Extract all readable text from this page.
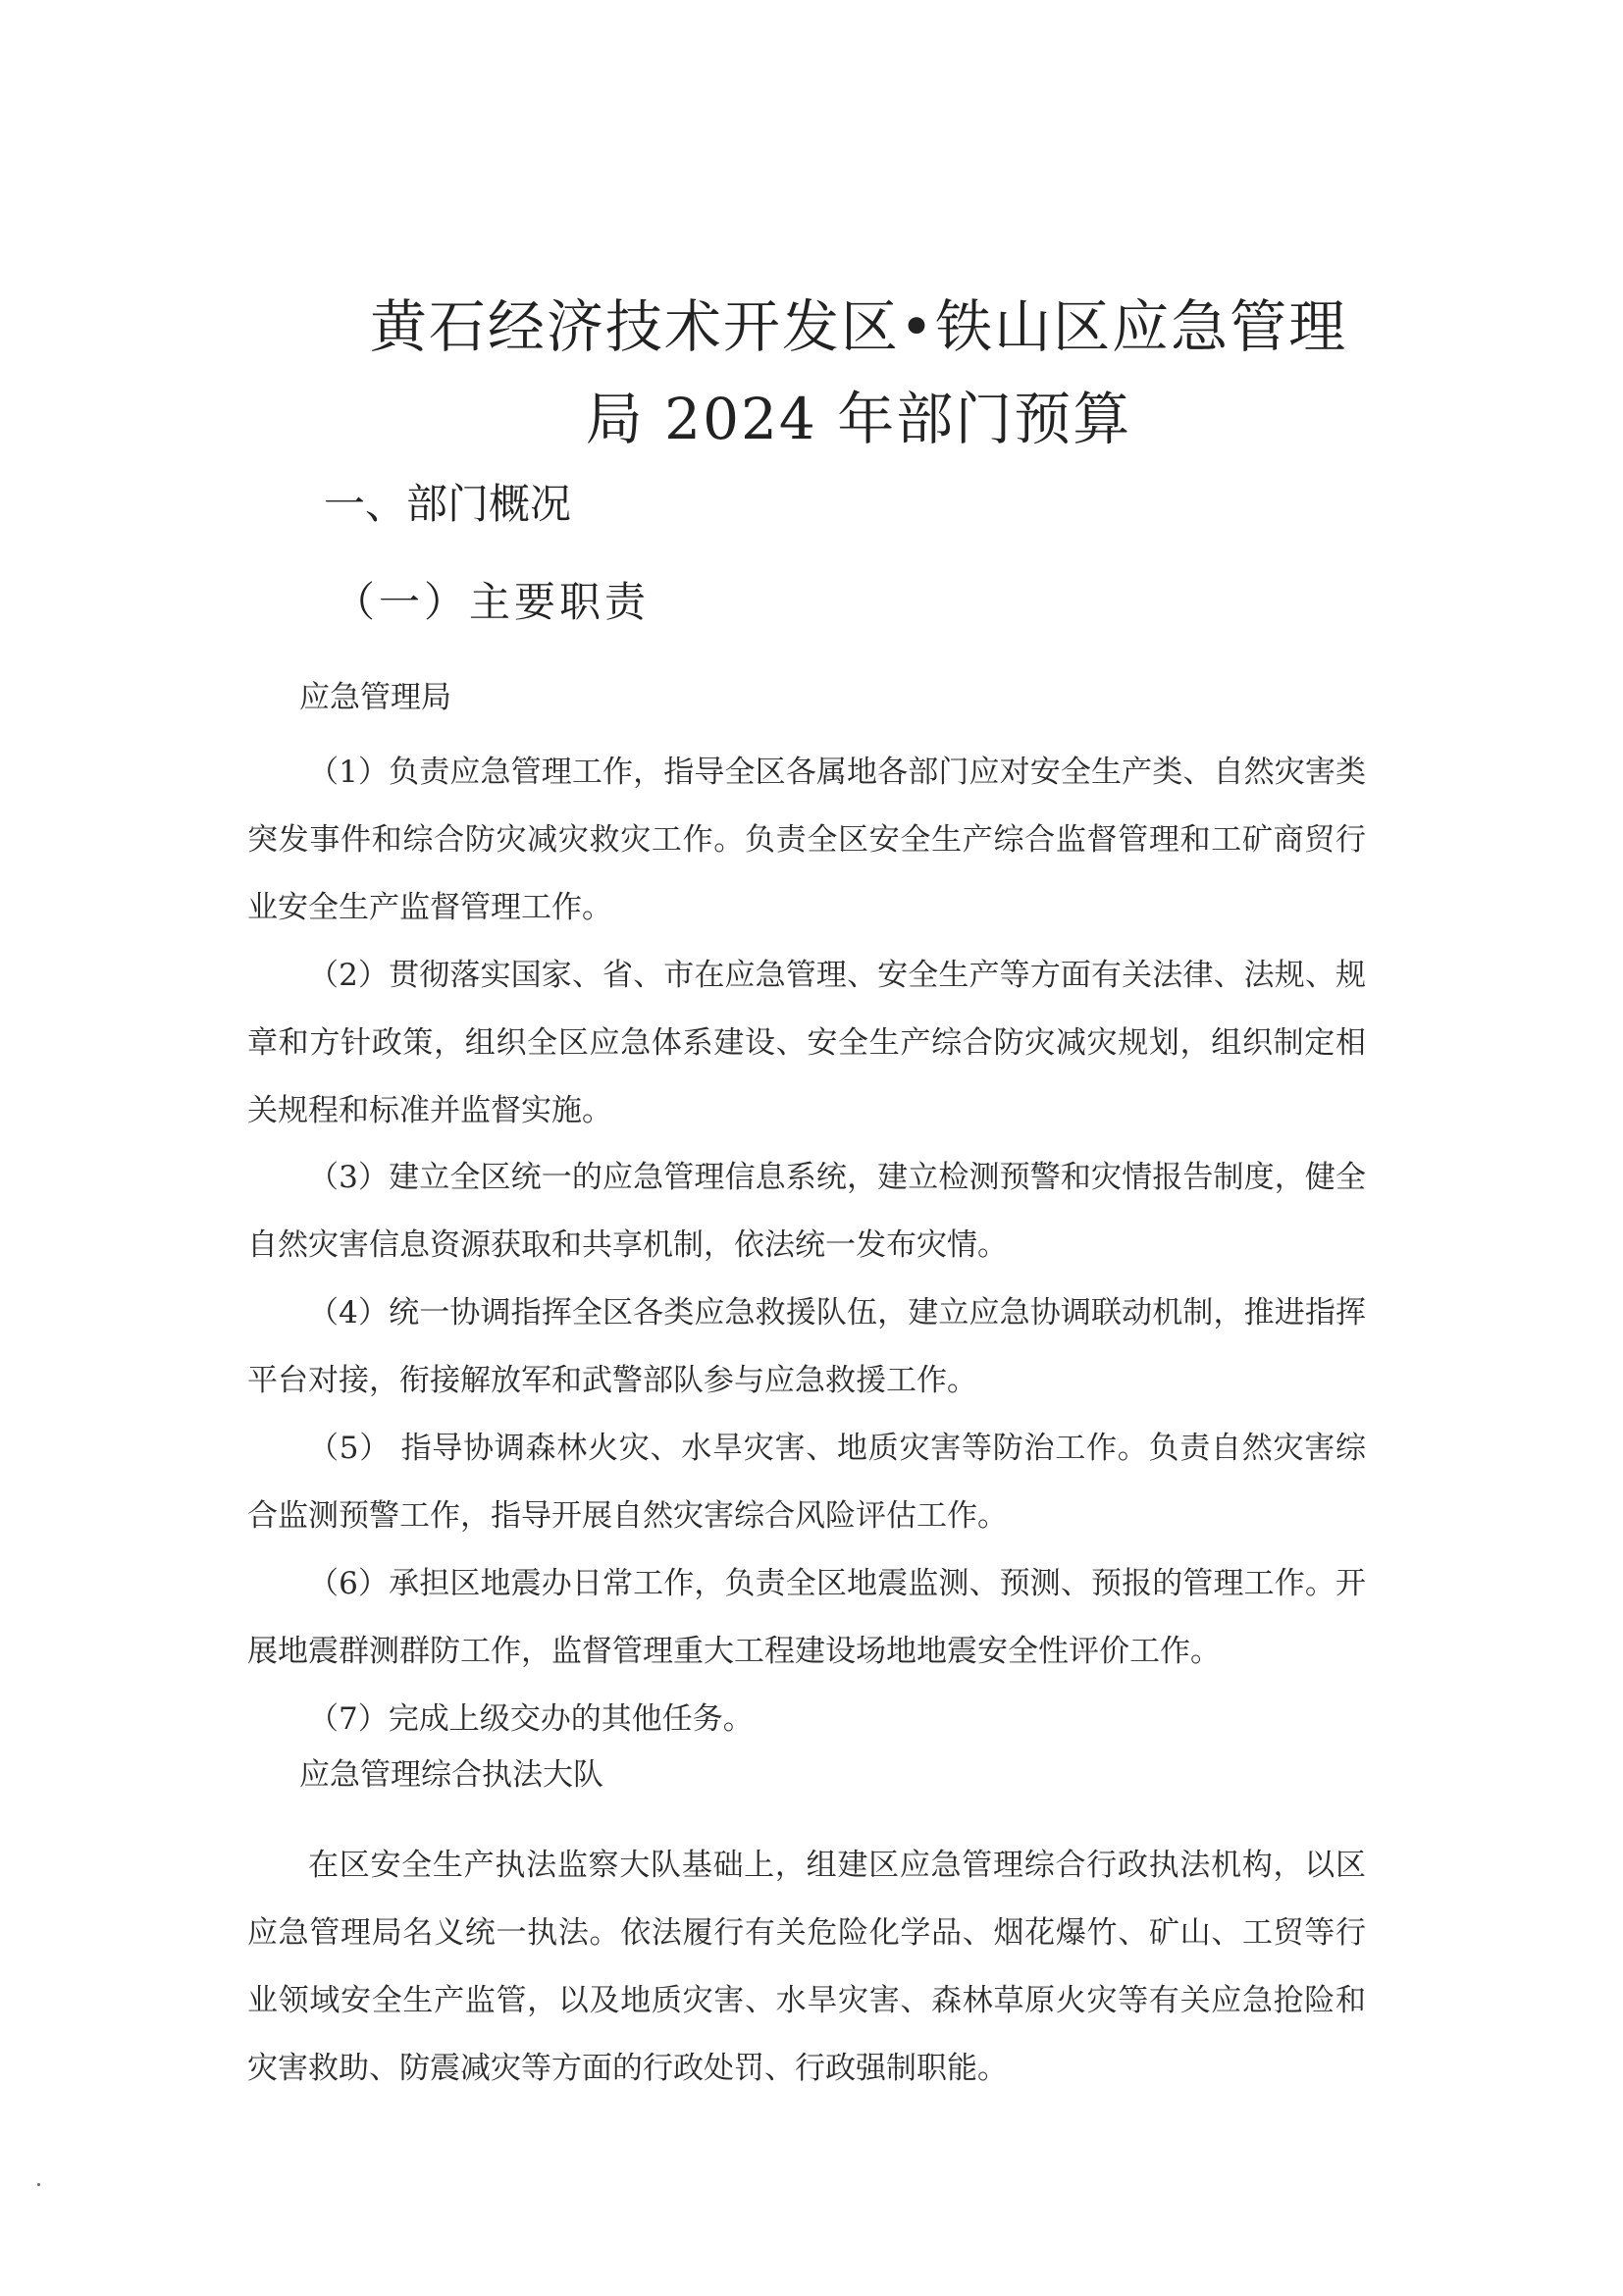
黄石经济技术开发区•铁山区应急管理
局 2024 年部门预算
一、部门概况
（一）主要职责
应急管理局
（1）负责应急管理工作，指导全区各属地各部门应对安全生产类、自然灾害类突发事件和综合防灾减灾救灾工作。负责全区安全生产综合监督管理和工矿商贸行业安全生产监督管理工作。
（2）贯彻落实国家、省、市在应急管理、安全生产等方面有关法律、法规、规章和方针政策，组织全区应急体系建设、安全生产综合防灾减灾规划，组织制定相关规程和标准并监督实施。
（3）建立全区统一的应急管理信息系统，建立检测预警和灾情报告制度，健全自然灾害信息资源获取和共享机制，依法统一发布灾情。
（4）统一协调指挥全区各类应急救援队伍，建立应急协调联动机制，推进指挥平台对接，衔接解放军和武警部队参与应急救援工作。
（5） 指导协调森林火灾、水旱灾害、地质灾害等防治工作。负责自然灾害综合监测预警工作，指导开展自然灾害综合风险评估工作。
（6）承担区地震办日常工作，负责全区地震监测、预测、预报的管理工作。开展地震群测群防工作，监督管理重大工程建设场地地震安全性评价工作。
（7）完成上级交办的其他任务。
应急管理综合执法大队
在区安全生产执法监察大队基础上，组建区应急管理综合行政执法机构，以区应急管理局名义统一执法。依法履行有关危险化学品、烟花爆竹、矿山、工贸等行业领域安全生产监管，以及地质灾害、水旱灾害、森林草原火灾等有关应急抢险和灾害救助、防震减灾等方面的行政处罚、行政强制职能。
